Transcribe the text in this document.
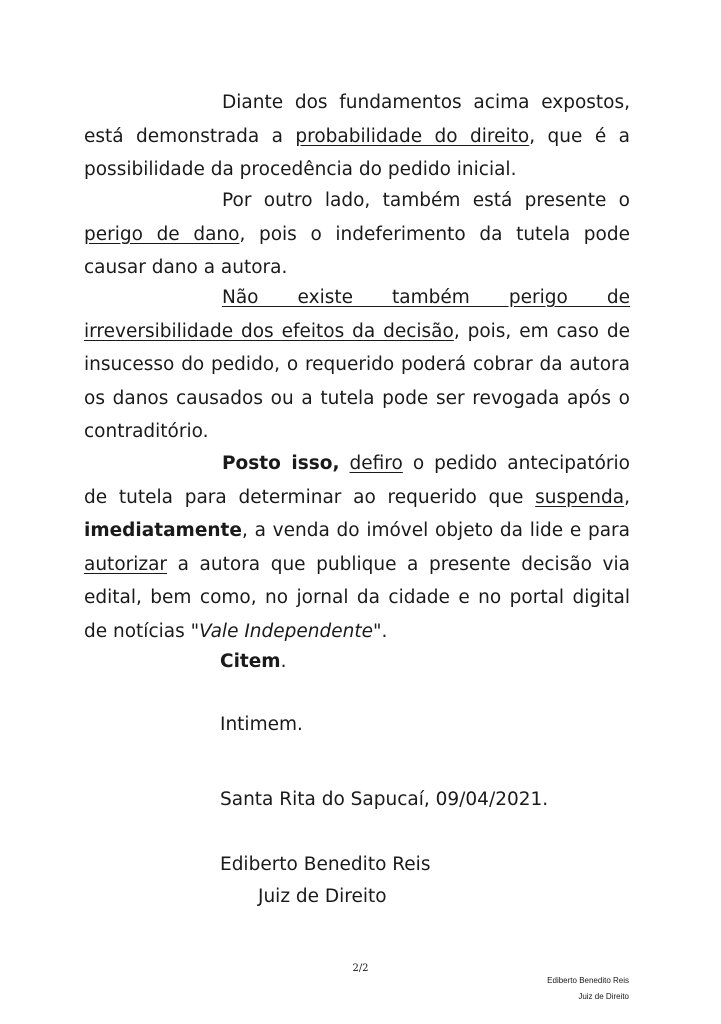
Diante dos fundamentos acima expostos, está demonstrada a probabilidade do direito, que é a possibilidade da procedência do pedido inicial.

Por outro lado, também está presente o perigo de dano, pois o indeferimento da tutela pode causar dano a autora.

Não existe também perigo de irreversibilidade dos efeitos da decisão, pois, em caso de insucesso do pedido, o requerido poderá cobrar da autora os danos causados ou a tutela pode ser revogada após o contraditório.

Posto isso, defiro o pedido antecipatório de tutela para determinar ao requerido que suspenda, imediatamente, a venda do imóvel objeto da lide e para autorizar a autora que publique a presente decisão via edital, bem como, no jornal da cidade e no portal digital de notícias "Vale Independente".

Citem.
Intimem.
Santa Rita do Sapucaí, 09/04/2021.
Ediberto Benedito Reis
Juiz de Direito
2/2
Ediberto Benedito Reis
Juiz de Direito
